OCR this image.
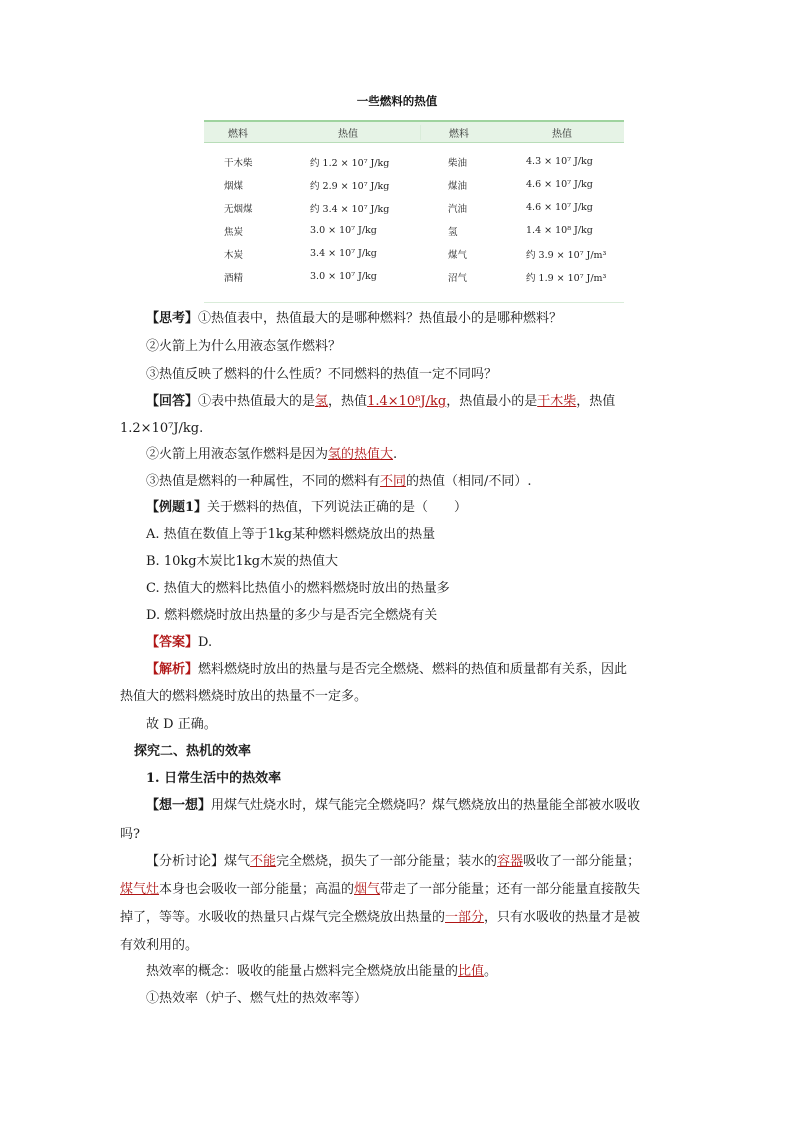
一些燃料的热值
燃料	热值	燃料	热值
干木柴	约 1.2 × 10⁷ J/kg	柴油	4.3 × 10⁷ J/kg
烟煤	约 2.9 × 10⁷ J/kg	煤油	4.6 × 10⁷ J/kg
无烟煤	约 3.4 × 10⁷ J/kg	汽油	4.6 × 10⁷ J/kg
焦炭	3.0 × 10⁷ J/kg	氢	1.4 × 10⁸ J/kg
木炭	3.4 × 10⁷ J/kg	煤气	约 3.9 × 10⁷ J/m³
酒精	3.0 × 10⁷ J/kg	沼气	约 1.9 × 10⁷ J/m³
【思考】①热值表中，热值最大的是哪种燃料？热值最小的是哪种燃料？
②火箭上为什么用液态氢作燃料？
③热值反映了燃料的什么性质？不同燃料的热值一定不同吗？
【回答】①表中热值最大的是氢，热值1.4×10⁸J/kg，热值最小的是干木柴，热值
1.2×10⁷J/kg.
②火箭上用液态氢作燃料是因为氢的热值大.
③热值是燃料的一种属性，不同的燃料有不同的热值（相同/不同）.
【例题1】关于燃料的热值，下列说法正确的是（　　）
A. 热值在数值上等于1kg某种燃料燃烧放出的热量
B. 10kg木炭比1kg木炭的热值大
C. 热值大的燃料比热值小的燃料燃烧时放出的热量多
D. 燃料燃烧时放出热量的多少与是否完全燃烧有关
【答案】D.
【解析】燃料燃烧时放出的热量与是否完全燃烧、燃料的热值和质量都有关系，因此
热值大的燃料燃烧时放出的热量不一定多。
故 D 正确。
探究二、热机的效率
1. 日常生活中的热效率
【想一想】用煤气灶烧水时，煤气能完全燃烧吗？煤气燃烧放出的热量能全部被水吸收
吗?
【分析讨论】煤气不能完全燃烧，损失了一部分能量；装水的容器吸收了一部分能量；
煤气灶本身也会吸收一部分能量；高温的烟气带走了一部分能量；还有一部分能量直接散失
掉了，等等。水吸收的热量只占煤气完全燃烧放出热量的一部分，只有水吸收的热量才是被
有效利用的。
热效率的概念：吸收的能量占燃料完全燃烧放出能量的比值。
①热效率（炉子、燃气灶的热效率等）
